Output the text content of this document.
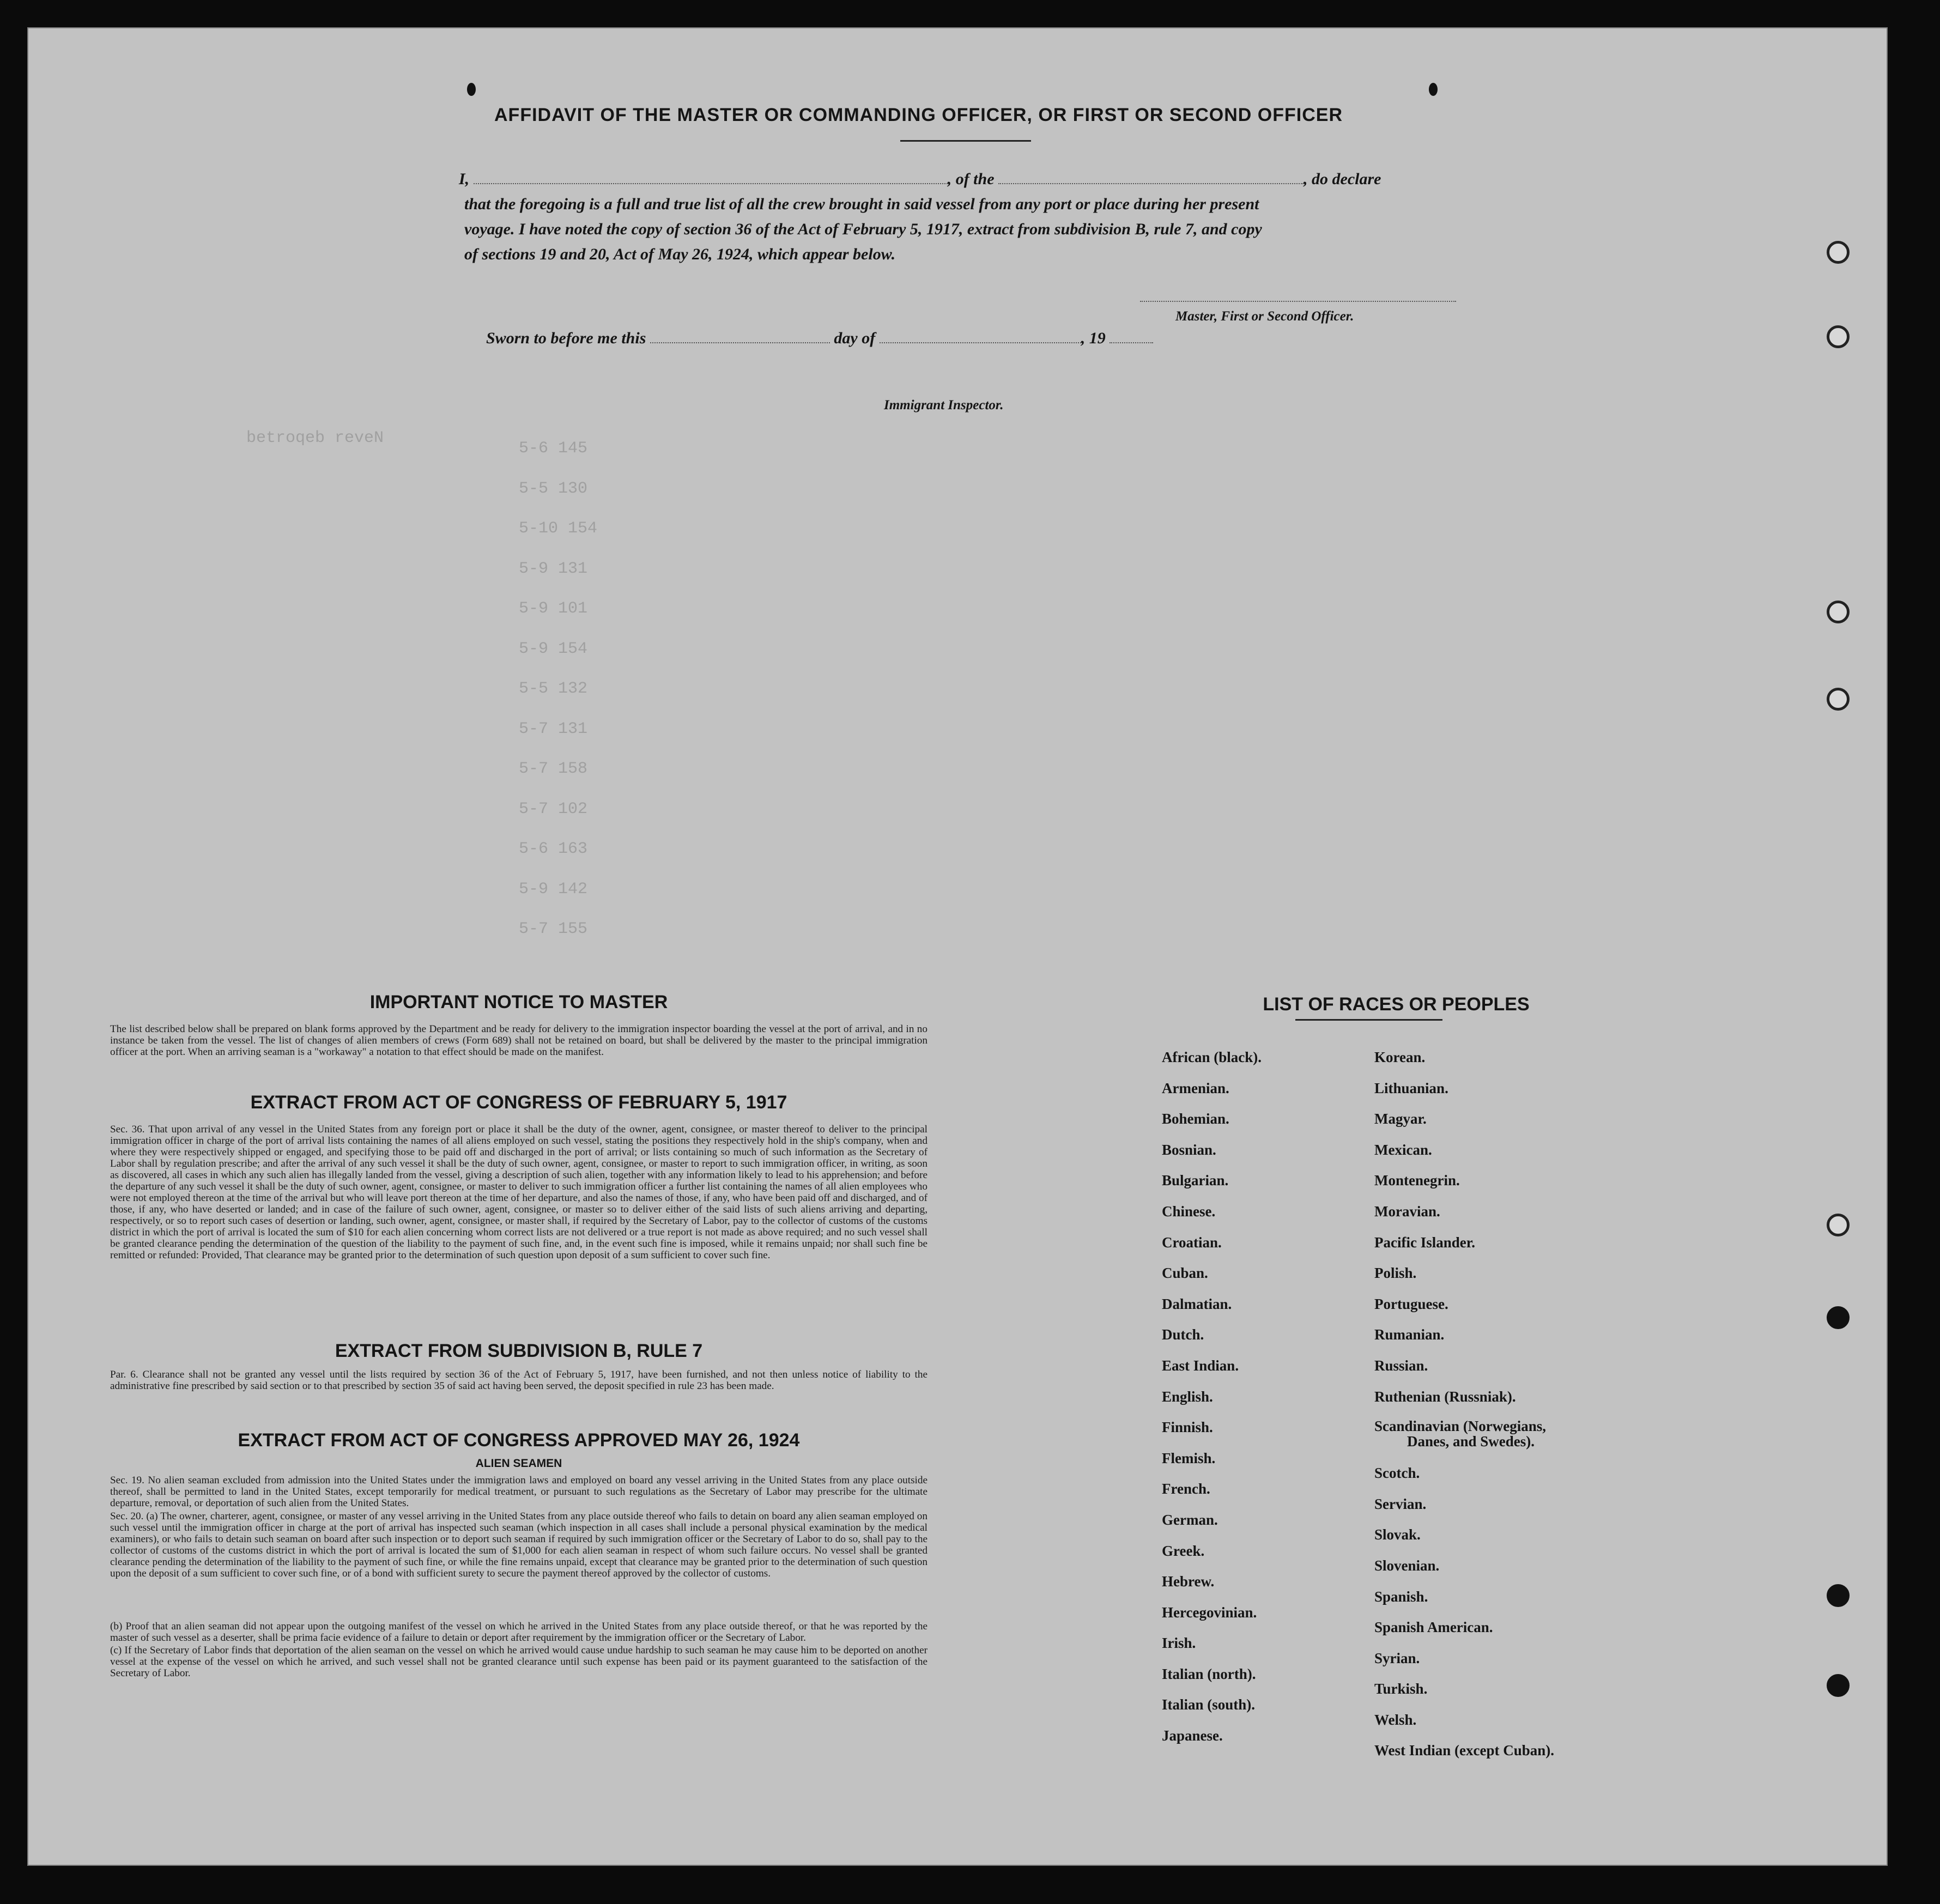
betroqeb reveN
5-6 145
5-5 130
5-10 154
5-9 131
5-9 101
5-9 154
5-5 132
5-7 131
5-7 158
5-7 102
5-6 163
5-9 142
5-7 155
AFFIDAVIT OF THE MASTER OR COMMANDING OFFICER, OR FIRST OR SECOND OFFICER
I,	, of the	, do declare
that the foregoing is a full and true list of all the crew brought in said vessel from any port or place during her present
voyage. I have noted the copy of section 36 of the Act of February 5, 1917, extract from subdivision B, rule 7, and copy
of sections 19 and 20, Act of May 26, 1924, which appear below.
Master, First or Second Officer.
Sworn to before me this	day of	, 19
Immigrant Inspector.
IMPORTANT NOTICE TO MASTER
The list described below shall be prepared on blank forms approved by the Department and be ready for delivery to the immigration inspector boarding the vessel at the port of arrival, and in no instance be taken from the vessel. The list of changes of alien members of crews (Form 689) shall not be retained on board, but shall be delivered by the master to the principal immigration officer at the port. When an arriving seaman is a "workaway" a notation to that effect should be made on the manifest.
EXTRACT FROM ACT OF CONGRESS OF FEBRUARY 5, 1917
Sec. 36. That upon arrival of any vessel in the United States from any foreign port or place it shall be the duty of the owner, agent, consignee, or master thereof to deliver to the principal immigration officer in charge of the port of arrival lists containing the names of all aliens employed on such vessel, stating the positions they respectively hold in the ship's company, when and where they were respectively shipped or engaged, and specifying those to be paid off and discharged in the port of arrival; or lists containing so much of such information as the Secretary of Labor shall by regulation prescribe; and after the arrival of any such vessel it shall be the duty of such owner, agent, consignee, or master to report to such immigration officer, in writing, as soon as discovered, all cases in which any such alien has illegally landed from the vessel, giving a description of such alien, together with any information likely to lead to his apprehension; and before the departure of any such vessel it shall be the duty of such owner, agent, consignee, or master to deliver to such immigration officer a further list containing the names of all alien employees who were not employed thereon at the time of the arrival but who will leave port thereon at the time of her departure, and also the names of those, if any, who have been paid off and discharged, and of those, if any, who have deserted or landed; and in case of the failure of such owner, agent, consignee, or master so to deliver either of the said lists of such aliens arriving and departing, respectively, or so to report such cases of desertion or landing, such owner, agent, consignee, or master shall, if required by the Secretary of Labor, pay to the collector of customs of the customs district in which the port of arrival is located the sum of $10 for each alien concerning whom correct lists are not delivered or a true report is not made as above required; and no such vessel shall be granted clearance pending the determination of the question of the liability to the payment of such fine, and, in the event such fine is imposed, while it remains unpaid; nor shall such fine be remitted or refunded: Provided, That clearance may be granted prior to the determination of such question upon deposit of a sum sufficient to cover such fine.
EXTRACT FROM SUBDIVISION B, RULE 7
Par. 6. Clearance shall not be granted any vessel until the lists required by section 36 of the Act of February 5, 1917, have been furnished, and not then unless notice of liability to the administrative fine prescribed by said section or to that prescribed by section 35 of said act having been served, the deposit specified in rule 23 has been made.
EXTRACT FROM ACT OF CONGRESS APPROVED MAY 26, 1924
ALIEN SEAMEN
Sec. 19. No alien seaman excluded from admission into the United States under the immigration laws and employed on board any vessel arriving in the United States from any place outside thereof, shall be permitted to land in the United States, except temporarily for medical treatment, or pursuant to such regulations as the Secretary of Labor may prescribe for the ultimate departure, removal, or deportation of such alien from the United States.
Sec. 20. (a) The owner, charterer, agent, consignee, or master of any vessel arriving in the United States from any place outside thereof who fails to detain on board any alien seaman employed on such vessel until the immigration officer in charge at the port of arrival has inspected such seaman (which inspection in all cases shall include a personal physical examination by the medical examiners), or who fails to detain such seaman on board after such inspection or to deport such seaman if required by such immigration officer or the Secretary of Labor to do so, shall pay to the collector of customs of the customs district in which the port of arrival is located the sum of $1,000 for each alien seaman in respect of whom such failure occurs. No vessel shall be granted clearance pending the determination of the liability to the payment of such fine, or while the fine remains unpaid, except that clearance may be granted prior to the determination of such question upon the deposit of a sum sufficient to cover such fine, or of a bond with sufficient surety to secure the payment thereof approved by the collector of customs.
(b) Proof that an alien seaman did not appear upon the outgoing manifest of the vessel on which he arrived in the United States from any place outside thereof, or that he was reported by the master of such vessel as a deserter, shall be prima facie evidence of a failure to detain or deport after requirement by the immigration officer or the Secretary of Labor.
(c) If the Secretary of Labor finds that deportation of the alien seaman on the vessel on which he arrived would cause undue hardship to such seaman he may cause him to be deported on another vessel at the expense of the vessel on which he arrived, and such vessel shall not be granted clearance until such expense has been paid or its payment guaranteed to the satisfaction of the Secretary of Labor.
LIST OF RACES OR PEOPLES
African (black).
Armenian.
Bohemian.
Bosnian.
Bulgarian.
Chinese.
Croatian.
Cuban.
Dalmatian.
Dutch.
East Indian.
English.
Finnish.
Flemish.
French.
German.
Greek.
Hebrew.
Hercegovinian.
Irish.
Italian (north).
Italian (south).
Japanese.
Korean.
Lithuanian.
Magyar.
Mexican.
Montenegrin.
Moravian.
Pacific Islander.
Polish.
Portuguese.
Rumanian.
Russian.
Ruthenian (Russniak).
Scandinavian (Norwegians,
Danes, and Swedes).
Scotch.
Servian.
Slovak.
Slovenian.
Spanish.
Spanish American.
Syrian.
Turkish.
Welsh.
West Indian (except Cuban).
